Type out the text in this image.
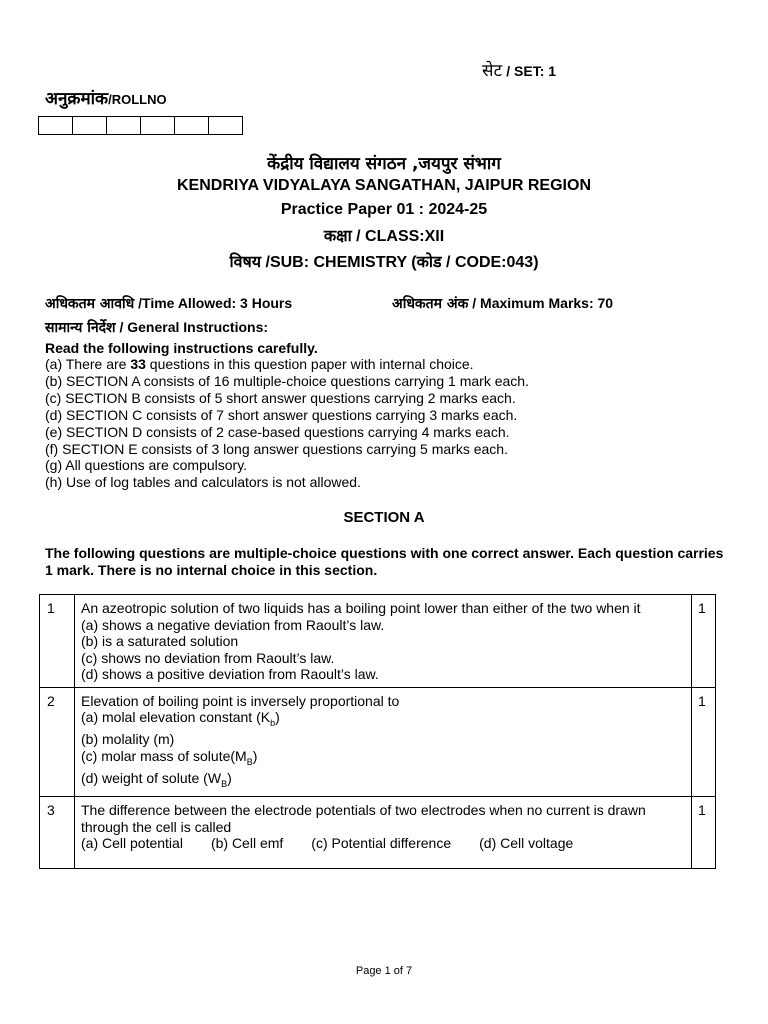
सेट / SET: 1
अनुक्रमांक/ROLLNO
केंद्रीय विद्यालय संगठन ,जयपुर संभाग
KENDRIYA VIDYALAYA SANGATHAN, JAIPUR REGION
Practice Paper 01 : 2024-25
कक्षा / CLASS:XII
विषय /SUB: CHEMISTRY (कोड / CODE:043)
अधिकतम आवधि /Time Allowed: 3 Hours	अधिकतम अंक / Maximum Marks: 70
सामान्य निर्देश / General Instructions:
Read the following instructions carefully.
(a) There are 33 questions in this question paper with internal choice.
(b) SECTION A consists of 16 multiple-choice questions carrying 1 mark each.
(c) SECTION B consists of 5 short answer questions carrying 2 marks each.
(d) SECTION C consists of 7 short answer questions carrying 3 marks each.
(e) SECTION D consists of 2 case-based questions carrying 4 marks each.
(f) SECTION E consists of 3 long answer questions carrying 5 marks each.
(g) All questions are compulsory.
(h) Use of log tables and calculators is not allowed.
SECTION A
The following questions are multiple-choice questions with one correct answer. Each question carries 1 mark. There is no internal choice in this section.
1	An azeotropic solution of two liquids has a boiling point lower than either of the two when it
(a) shows a negative deviation from Raoult’s law.
(b) is a saturated solution
(c) shows no deviation from Raoult’s law.
(d) shows a positive deviation from Raoult’s law.	1
2	Elevation of boiling point is inversely proportional to
(a) molal elevation constant $(K_b)$
(b) molality (m)
(c) molar mass of $solute(M_B)$
(d) weight of solute $(W_B)$	1
3	The difference between the electrode potentials of two electrodes when no current is drawn through the cell is called
(a) Cell potential (b) Cell emf (c) Potential difference (d) Cell voltage	1
Page 1 of 7
